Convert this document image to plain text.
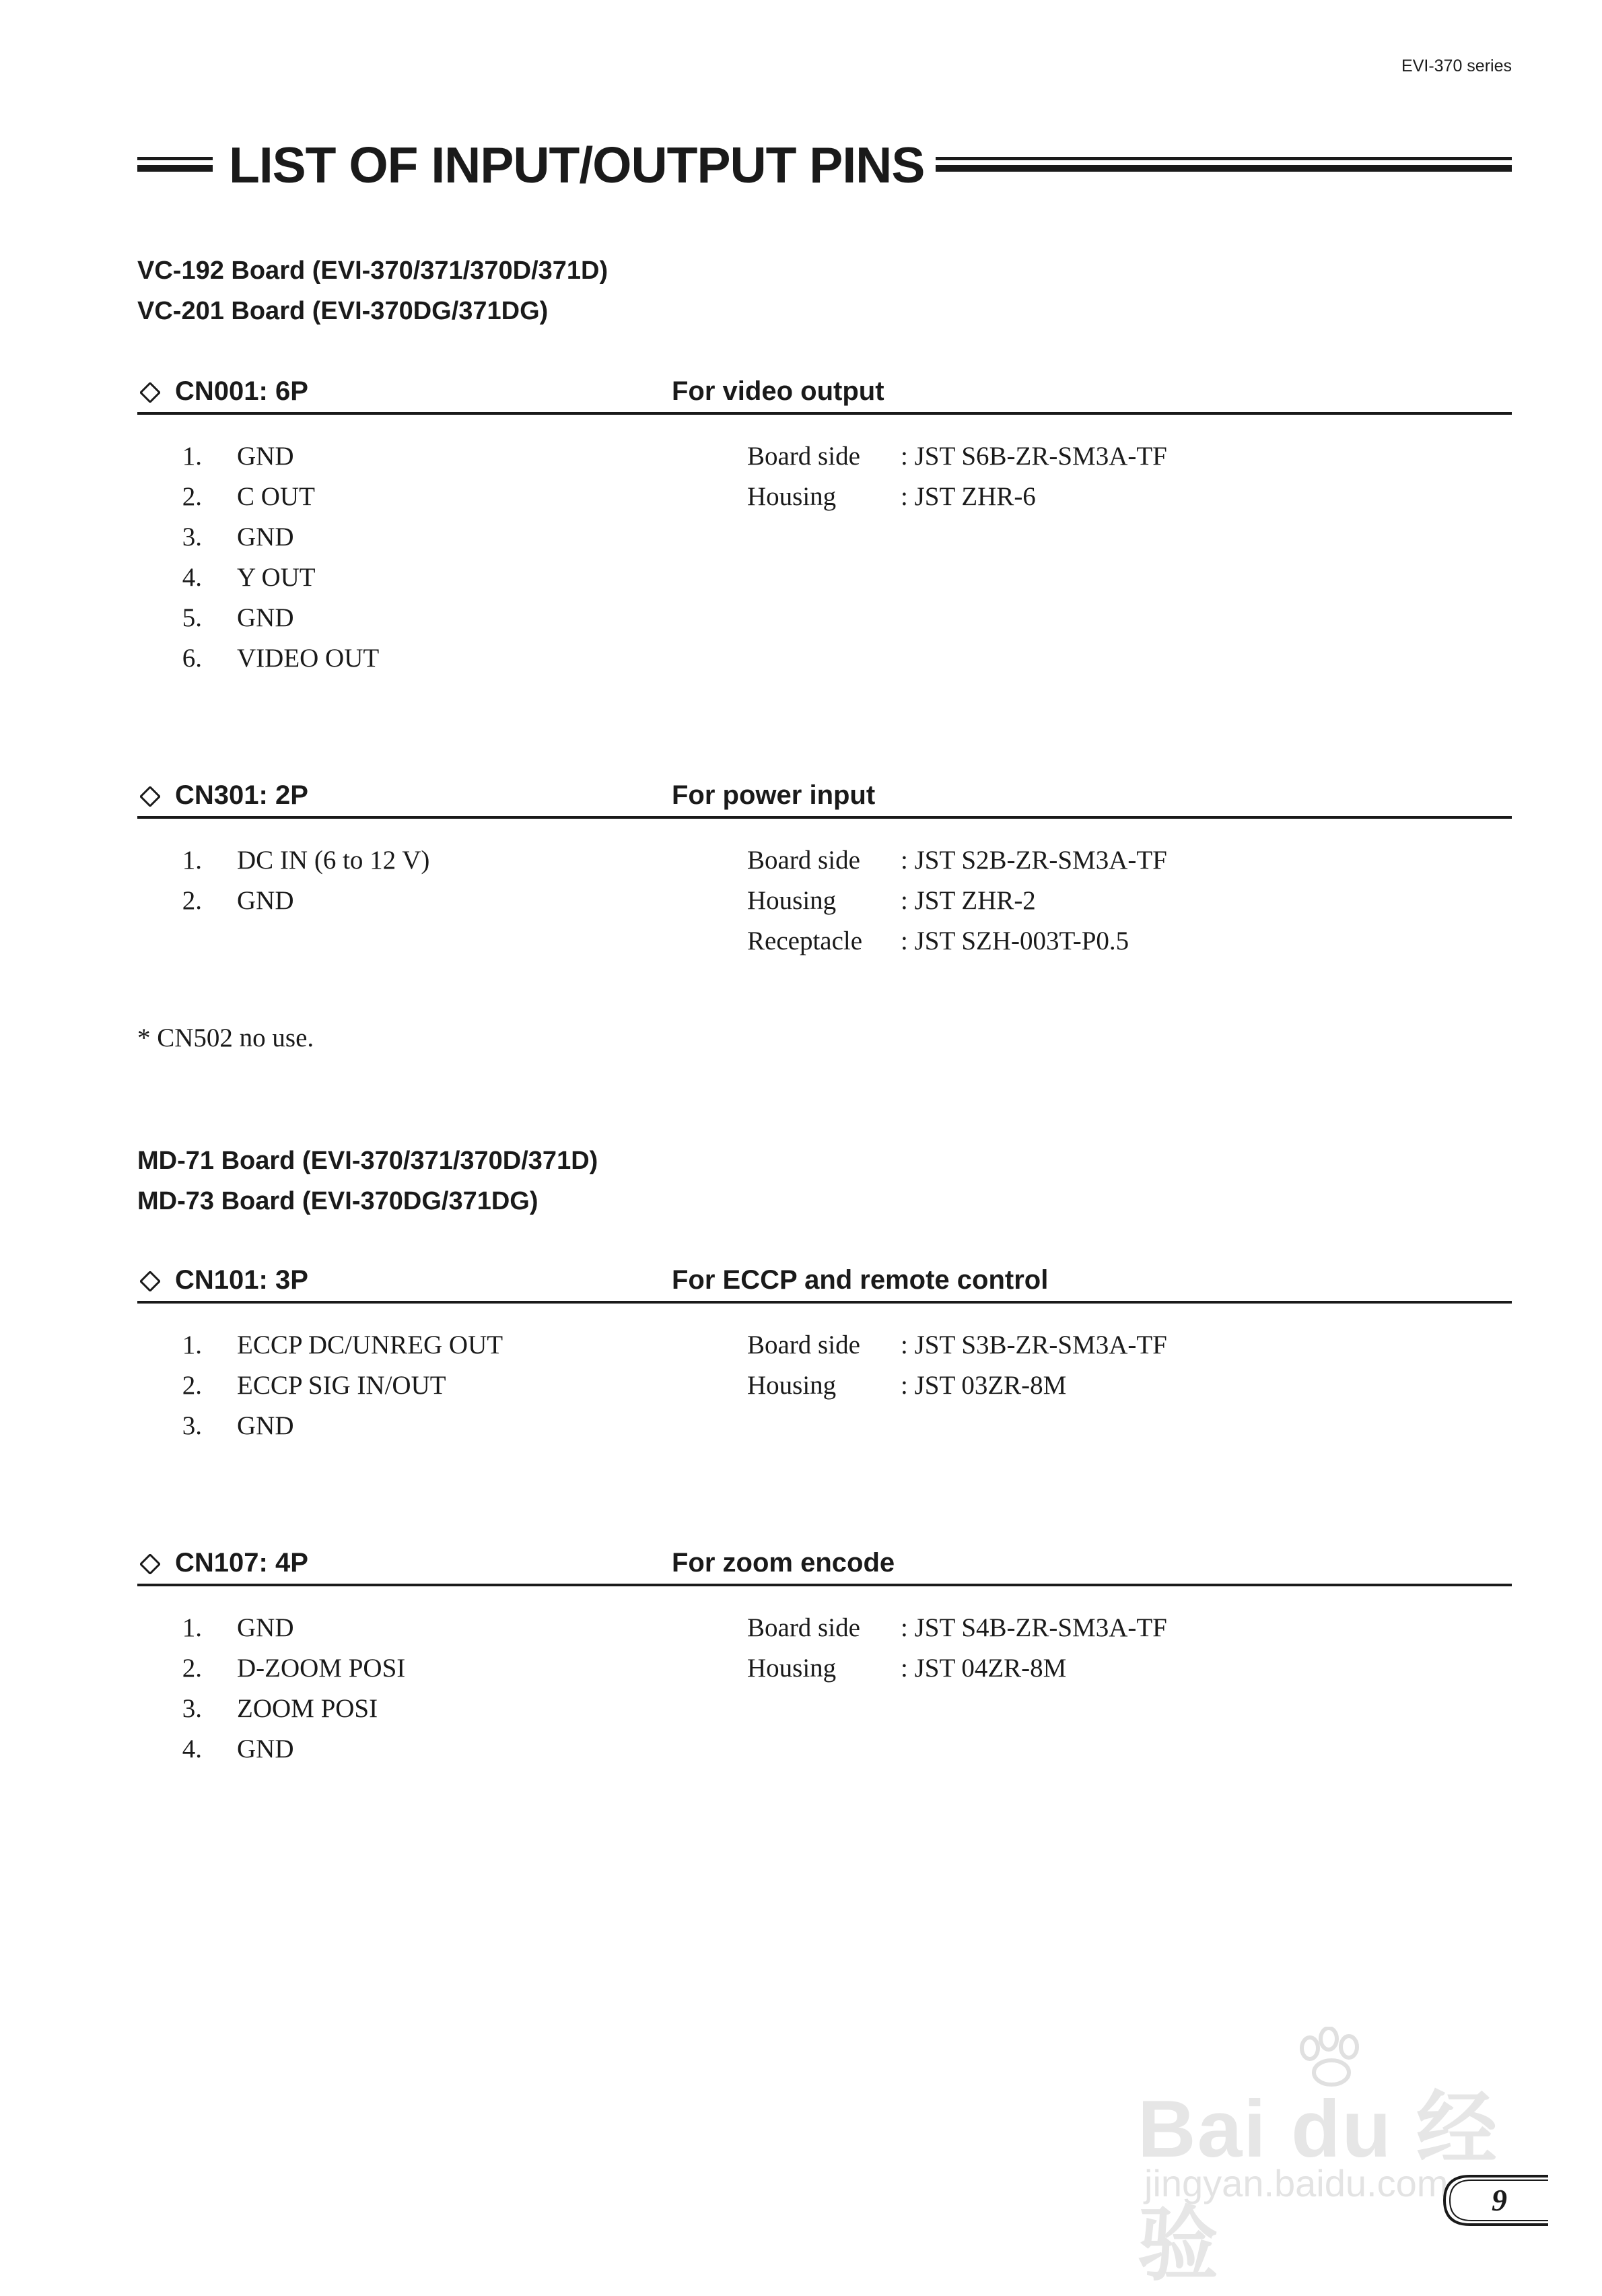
EVI-370 series
LIST OF INPUT/OUTPUT PINS
VC-192 Board (EVI-370/371/370D/371D)
VC-201 Board (EVI-370DG/371DG)
CN001: 6P	For video output
1. GND
2. C OUT
3. GND
4. Y OUT
5. GND
6. VIDEO OUT
Board side : JST S6B-ZR-SM3A-TF
Housing : JST ZHR-6
CN301: 2P	For power input
1. DC IN (6 to 12 V)
2. GND
Board side : JST S2B-ZR-SM3A-TF
Housing : JST ZHR-2
Receptacle : JST SZH-003T-P0.5
* CN502 no use.
MD-71 Board (EVI-370/371/370D/371D)
MD-73 Board (EVI-370DG/371DG)
CN101: 3P	For ECCP and remote control
1. ECCP DC/UNREG OUT
2. ECCP SIG IN/OUT
3. GND
Board side : JST S3B-ZR-SM3A-TF
Housing : JST 03ZR-8M
CN107: 4P	For zoom encode
1. GND
2. D-ZOOM POSI
3. ZOOM POSI
4. GND
Board side : JST S4B-ZR-SM3A-TF
Housing : JST 04ZR-8M
Bai du 经验
jingyan.baidu.com 9
